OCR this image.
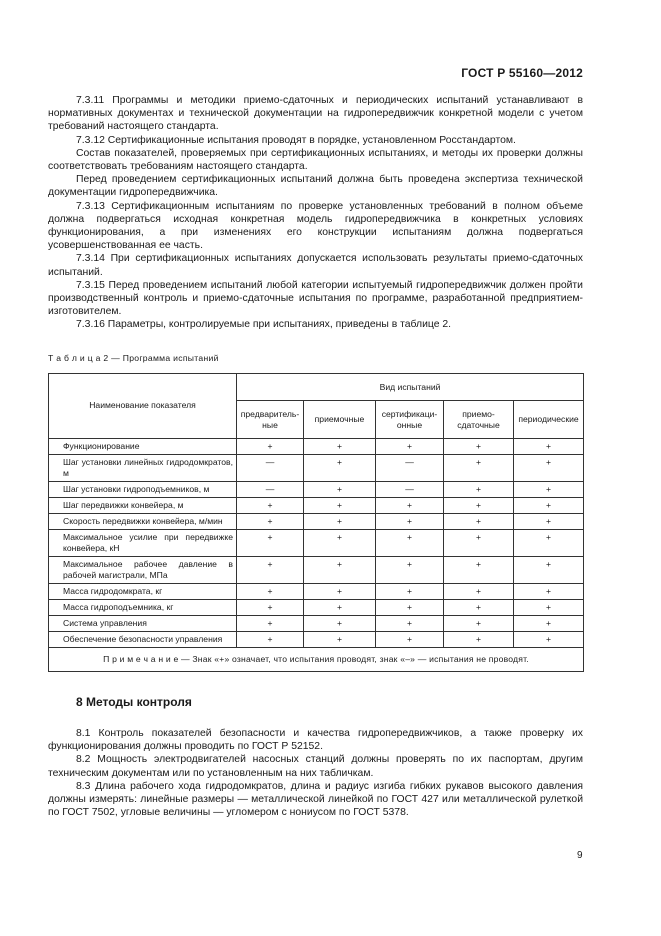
ГОСТ Р 55160—2012

7.3.11 Программы и методики приемо-сдаточных и периодических испытаний устанавливают в нормативных документах и технической документации на гидропередвижчик конкретной модели с учетом требований настоящего стандарта.

7.3.12 Сертификационные испытания проводят в порядке, установленном Росстандартом.

Состав показателей, проверяемых при сертификационных испытаниях, и методы их проверки должны соответствовать требованиям настоящего стандарта.

Перед проведением сертификационных испытаний должна быть проведена экспертиза технической документации гидропередвижчика.

7.3.13 Сертификационным испытаниям по проверке установленных требований в полном объеме должна подвергаться исходная конкретная модель гидропередвижчика в конкретных условиях функционирования, а при изменениях его конструкции испытаниям должна подвергаться усовершенствованная ее часть.

7.3.14 При сертификационных испытаниях допускается использовать результаты приемо-сдаточных испытаний.

7.3.15 Перед проведением испытаний любой категории испытуемый гидропередвижчик должен пройти производственный контроль и приемо-сдаточные испытания по программе, разработанной предприятием-изготовителем.

7.3.16 Параметры, контролируемые при испытаниях, приведены в таблице 2.

Т а б л и ц а 2 — Программа испытаний
Наименование показателя	Вид испытаний				
	предваритель-ные	приемочные	сертификаци-онные	приемо-сдаточные	периодические
Функционирование	+	+	+	+	+
Шаг установки линейных гидродомкратов, м	—	+	—	+	+
Шаг установки гидроподъемников, м	—	+	—	+	+
Шаг передвижки конвейера, м	+	+	+	+	+
Скорость передвижки конвейера, м/мин	+	+	+	+	+
Максимальное усилие при передвижке конвейера, кН	+	+	+	+	+
Максимальное рабочее давление в рабочей магистрали, МПа	+	+	+	+	+
Масса гидродомкрата, кг	+	+	+	+	+
Масса гидроподъемника, кг	+	+	+	+	+
Система управления	+	+	+	+	+
Обеспечение безопасности управления	+	+	+	+	+
П р и м е ч а н и е — Знак «+» означает, что испытания проводят, знак «–» — испытания не проводят.					
8 Методы контроля

8.1 Контроль показателей безопасности и качества гидропередвижчиков, а также проверку их функционирования должны проводить по ГОСТ Р 52152.

8.2 Мощность электродвигателей насосных станций должны проверять по их паспортам, другим техническим документам или по установленным на них табличкам.

8.3 Длина рабочего хода гидродомкратов, длина и радиус изгиба гибких рукавов высокого давления должны измерять: линейные размеры — металлической линейкой по ГОСТ 427 или металлической рулеткой по ГОСТ 7502, угловые величины — угломером с нониусом по ГОСТ 5378.

9
